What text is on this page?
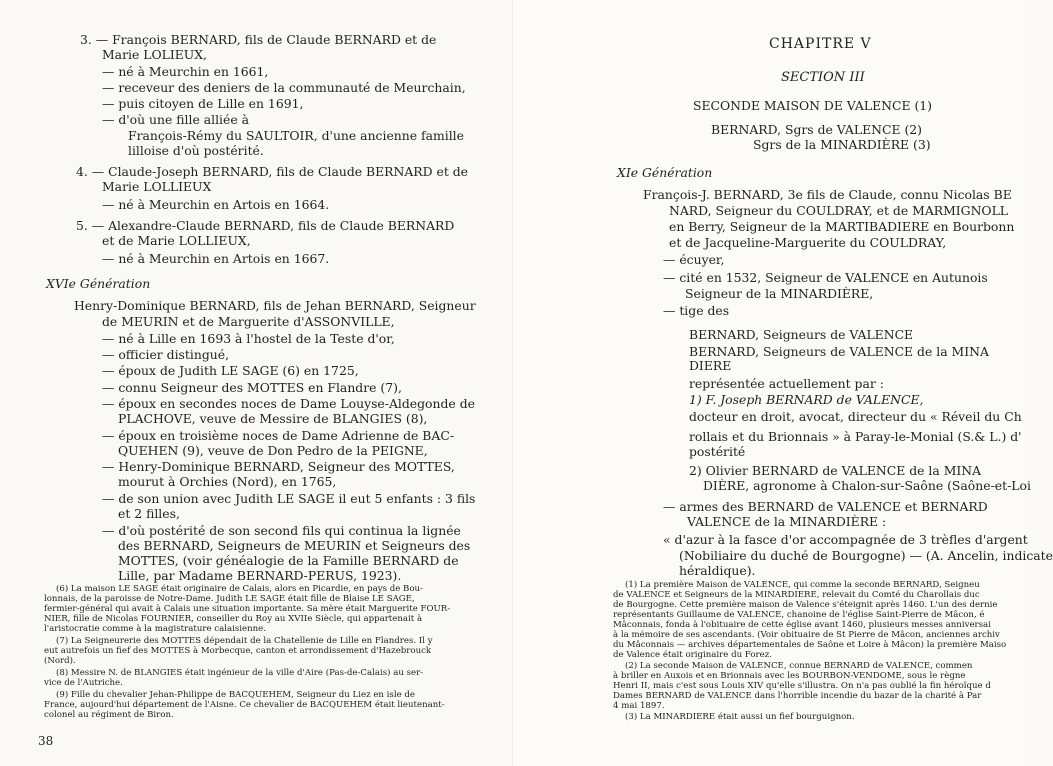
3. — François BERNARD, fils de Claude BERNARD et de
Marie LOLIEUX,
— né à Meurchin en 1661,
— receveur des deniers de la communauté de Meurchain,
— puis citoyen de Lille en 1691,
— d'où une fille alliée à
François-Rémy du SAULTOIR, d'une ancienne famille
lilloise d'où postérité.
4. — Claude-Joseph BERNARD, fils de Claude BERNARD et de
Marie LOLLIEUX
— né à Meurchin en Artois en 1664.
5. — Alexandre-Claude BERNARD, fils de Claude BERNARD
et de Marie LOLLIEUX,
— né à Meurchin en Artois en 1667.
XVIe Génération
Henry-Dominique BERNARD, fils de Jehan BERNARD, Seigneur
de MEURIN et de Marguerite d'ASSONVILLE,
— né à Lille en 1693 à l'hostel de la Teste d'or,
— officier distingué,
— époux de Judith LE SAGE (6) en 1725,
— connu Seigneur des MOTTES en Flandre (7),
— époux en secondes noces de Dame Louyse-Aldegonde de
PLACHOVE, veuve de Messire de BLANGIES (8),
— époux en troisième noces de Dame Adrienne de BAC-
QUEHEN (9), veuve de Don Pedro de la PEIGNE,
— Henry-Dominique BERNARD, Seigneur des MOTTES,
mourut à Orchies (Nord), en 1765,
— de son union avec Judith LE SAGE il eut 5 enfants : 3 fils
et 2 filles,
— d'où postérité de son second fils qui continua la lignée
des BERNARD, Seigneurs de MEURIN et Seigneurs des
MOTTES, (voir généalogie de la Famille BERNARD de
Lille, par Madame BERNARD-PERUS, 1923).
(6) La maison LE SAGE était originaire de Calais, alors en Picardie, en pays de Bou-
lonnais, de la paroisse de Notre-Dame. Judith LE SAGE était fille de Blaise LE SAGE,
fermier-général qui avait à Calais une situation importante. Sa mère était Marguerite FOUR-
NIER, fille de Nicolas FOURNIER, conseiller du Roy au XVIIe Siècle, qui appartenait à
l'aristocratie comme à la magistrature calaisienne.
(7) La Seigneurerie des MOTTES dépendait de la Chatellenie de Lille en Flandres. Il y
eut autrefois un fief des MOTTES à Morbecque, canton et arrondissement d'Hazebrouck
(Nord).
(8) Messire N. de BLANGIES était ingénieur de la ville d'Aire (Pas-de-Calais) au ser-
vice de l'Autriche.
(9) Fille du chevalier Jehan-Philippe de BACQUEHEM, Seigneur du Liez en isle de
France, aujourd'hui département de l'Aisne. Ce chevalier de BACQUEHEM était lieutenant-
colonel au régiment de Biron.
38
CHAPITRE V
SECTION III
SECONDE MAISON DE VALENCE (1)
BERNARD, Sgrs de VALENCE (2)
Sgrs de la MINARDIÈRE (3)
XIe Génération
François-J. BERNARD, 3e fils de Claude, connu Nicolas BE
NARD, Seigneur du COULDRAY, et de MARMIGNOLL
en Berry, Seigneur de la MARTIBADIERE en Bourbonn
et de Jacqueline-Marguerite du COULDRAY,
— écuyer,
— cité en 1532, Seigneur de VALENCE en Autunois
Seigneur de la MINARDIÈRE,
— tige des
BERNARD, Seigneurs de VALENCE
BERNARD, Seigneurs de VALENCE de la MINA
DIERE
représentée actuellement par :
1) F. Joseph BERNARD de VALENCE,
docteur en droit, avocat, directeur du « Réveil du Ch
rollais et du Brionnais » à Paray-le-Monial (S.& L.) d'
postérité
2) Olivier BERNARD de VALENCE de la MINA
DIÈRE, agronome à Chalon-sur-Saône (Saône-et-Loi
— armes des BERNARD de VALENCE et BERNARD
VALENCE de la MINARDIÈRE :
« d'azur à la fasce d'or accompagnée de 3 trèfles d'argent
(Nobiliaire du duché de Bourgogne) — (A. Ancelin, indicate
héraldique).
(1) La première Maison de VALENCE, qui comme la seconde BERNARD, Seigneu
de VALENCE et Seigneurs de la MINARDIERE, relevait du Comté du Charollais duc
de Bourgogne. Cette première maison de Valence s'éteignit après 1460. L'un des dernie
représentants Guillaume de VALENCE, chanoine de l'église Saint-Pierre de Mâcon, é
Mâconnais, fonda à l'obituaire de cette église avant 1460, plusieurs messes anniversai
à la mémoire de ses ascendants. (Voir obituaire de St Pierre de Mâcon, anciennes archiv
du Mâconnais — archives départementales de Saône et Loire à Mâcon) la première Maiso
de Valence était originaire du Forez.
(2) La seconde Maison de VALENCE, connue BERNARD de VALENCE, commen
à briller en Auxois et en Brionnais avec les BOURBON-VENDOME, sous le règne
Henri II, mais c'est sous Louis XIV qu'elle s'illustra. On n'a pas oublié la fin héroïque d
Dames BERNARD de VALENCE dans l'horrible incendie du bazar de la charité à Par
4 mai 1897.
(3) La MINARDIERE était aussi un fief bourguignon.
